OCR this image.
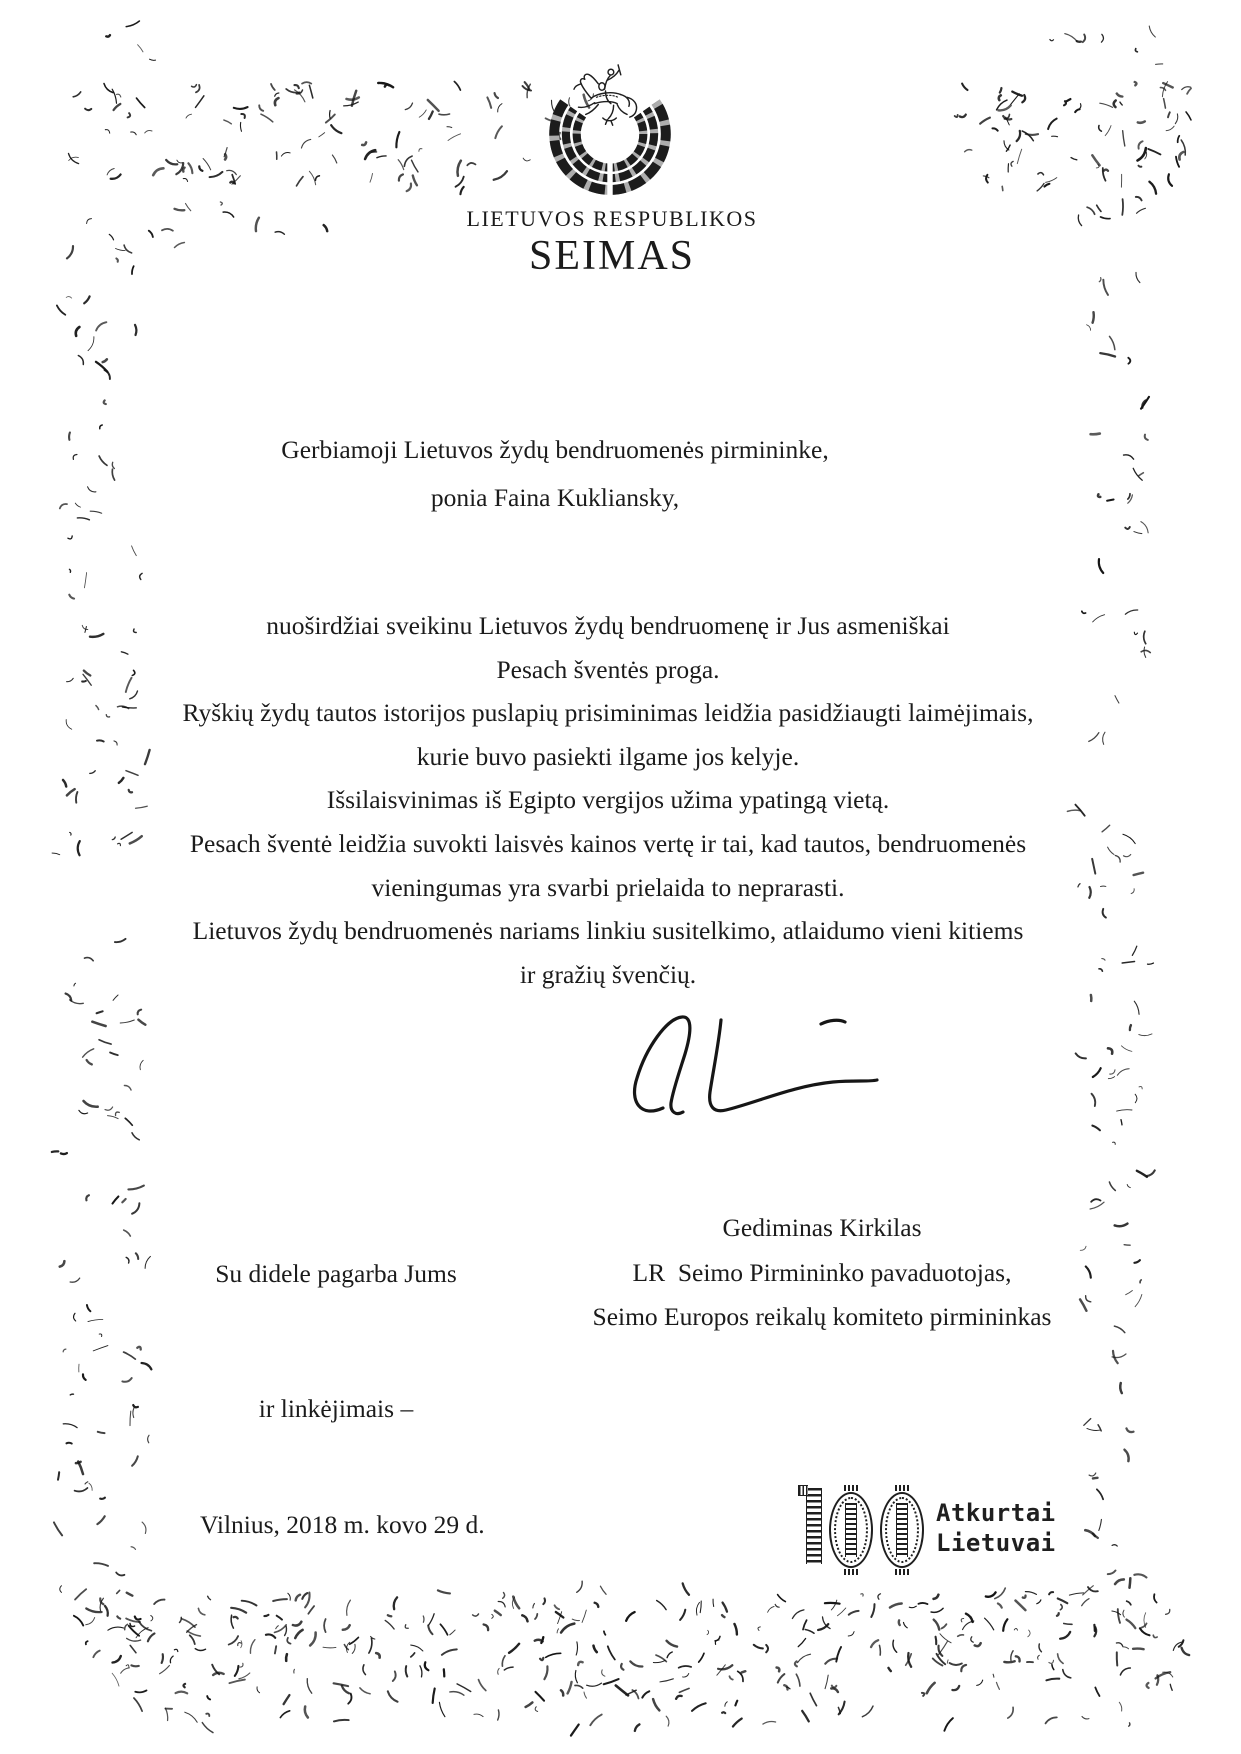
LIETUVOS RESPUBLIKOS
SEIMAS
Gerbiamoji Lietuvos žydų bendruomenės pirmininke,
ponia Faina Kukliansky,
nuoširdžiai sveikinu Lietuvos žydų bendruomenę ir Jus asmeniškai
Pesach šventės proga.
Ryškių žydų tautos istorijos puslapių prisiminimas leidžia pasidžiaugti laimėjimais,
kurie buvo pasiekti ilgame jos kelyje.
Išsilaisvinimas iš Egipto vergijos užima ypatingą vietą.
Pesach šventė leidžia suvokti laisvės kainos vertę ir tai, kad tautos, bendruomenės
vieningumas yra svarbi prielaida to neprarasti.
Lietuvos žydų bendruomenės nariams linkiu susitelkimo, atlaidumo vieni kitiems
ir gražių švenčių.

Su didele pagarba Jums

ir linkėjimais –

Gediminas Kirkilas
LR  Seimo Pirmininko pavaduotojas,
Seimo Europos reikalų komiteto pirmininkas
Vilnius, 2018 m. kovo 29 d.	Atkurtai
Lietuvai
